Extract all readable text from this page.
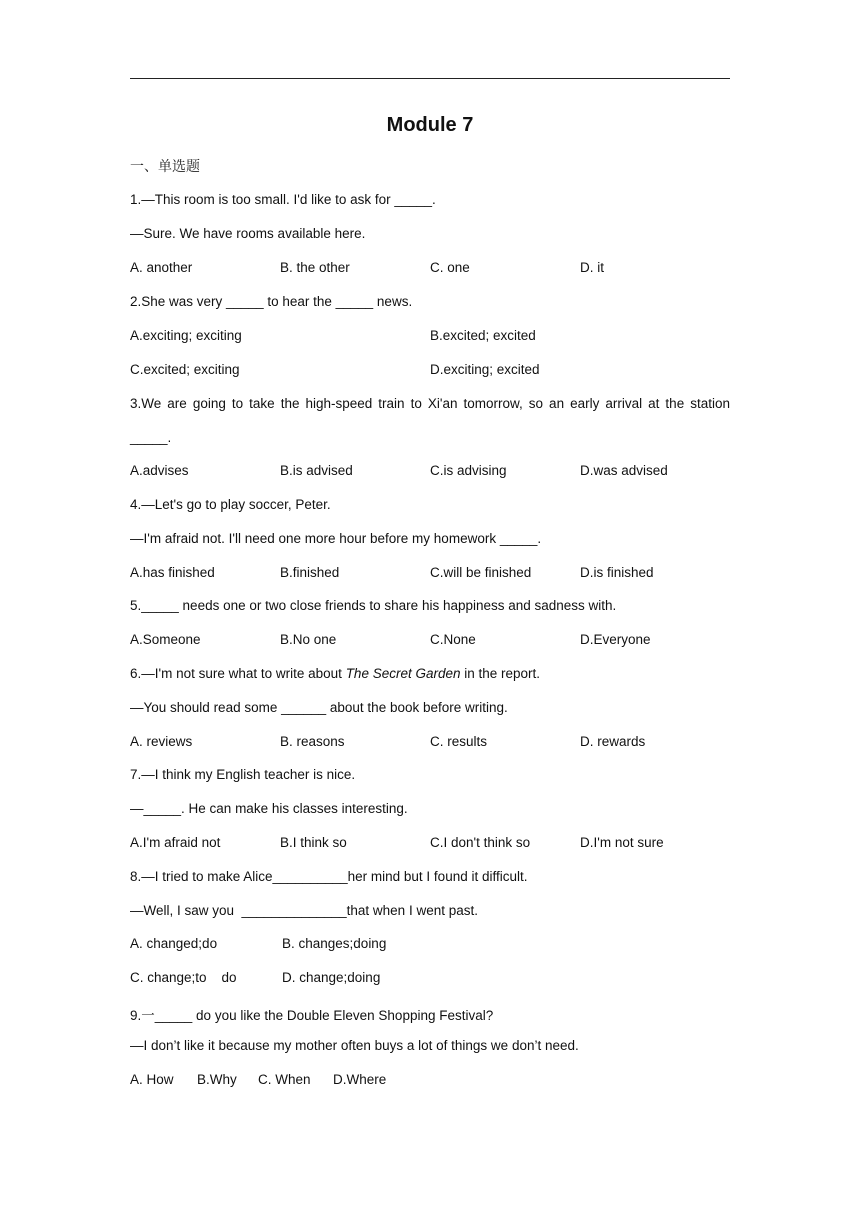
Module 7
一、单选题
1.—This room is too small. I'd like to ask for _____.
—Sure. We have rooms available here.
A. another	B. the other	C. one	D. it
2.She was very _____ to hear the _____ news.
A.exciting; exciting	B.excited; excited
C.excited; exciting	D.exciting; excited
3.We are going to take the high-speed train to Xi'an tomorrow, so an early arrival at the station
_____.
A.advises	B.is advised	C.is advising	D.was advised
4.—Let's go to play soccer, Peter.
—I'm afraid not. I'll need one more hour before my homework _____.
A.has finished	B.finished	C.will be finished	D.is finished
5._____ needs one or two close friends to share his happiness and sadness with.
A.Someone	B.No one	C.None	D.Everyone
6.—I'm not sure what to write about The Secret Garden in the report.
—You should read some ______ about the book before writing.
A. reviews	B. reasons	C. results	D. rewards
7.—I think my English teacher is nice.
—_____. He can make his classes interesting.
A.I'm afraid not	B.I think so	C.I don't think so	D.I'm not sure
8.—I tried to make Alice__________her mind but I found it difficult.
—Well, I saw you  ______________that when I went past.
A. changed;do	B. changes;doing
C. change;to    do	D. change;doing
9.一_____ do you like the Double Eleven Shopping Festival?
—I don’t like it because my mother often buys a lot of things we don’t need.
A. How B.Why C. When D.Where
